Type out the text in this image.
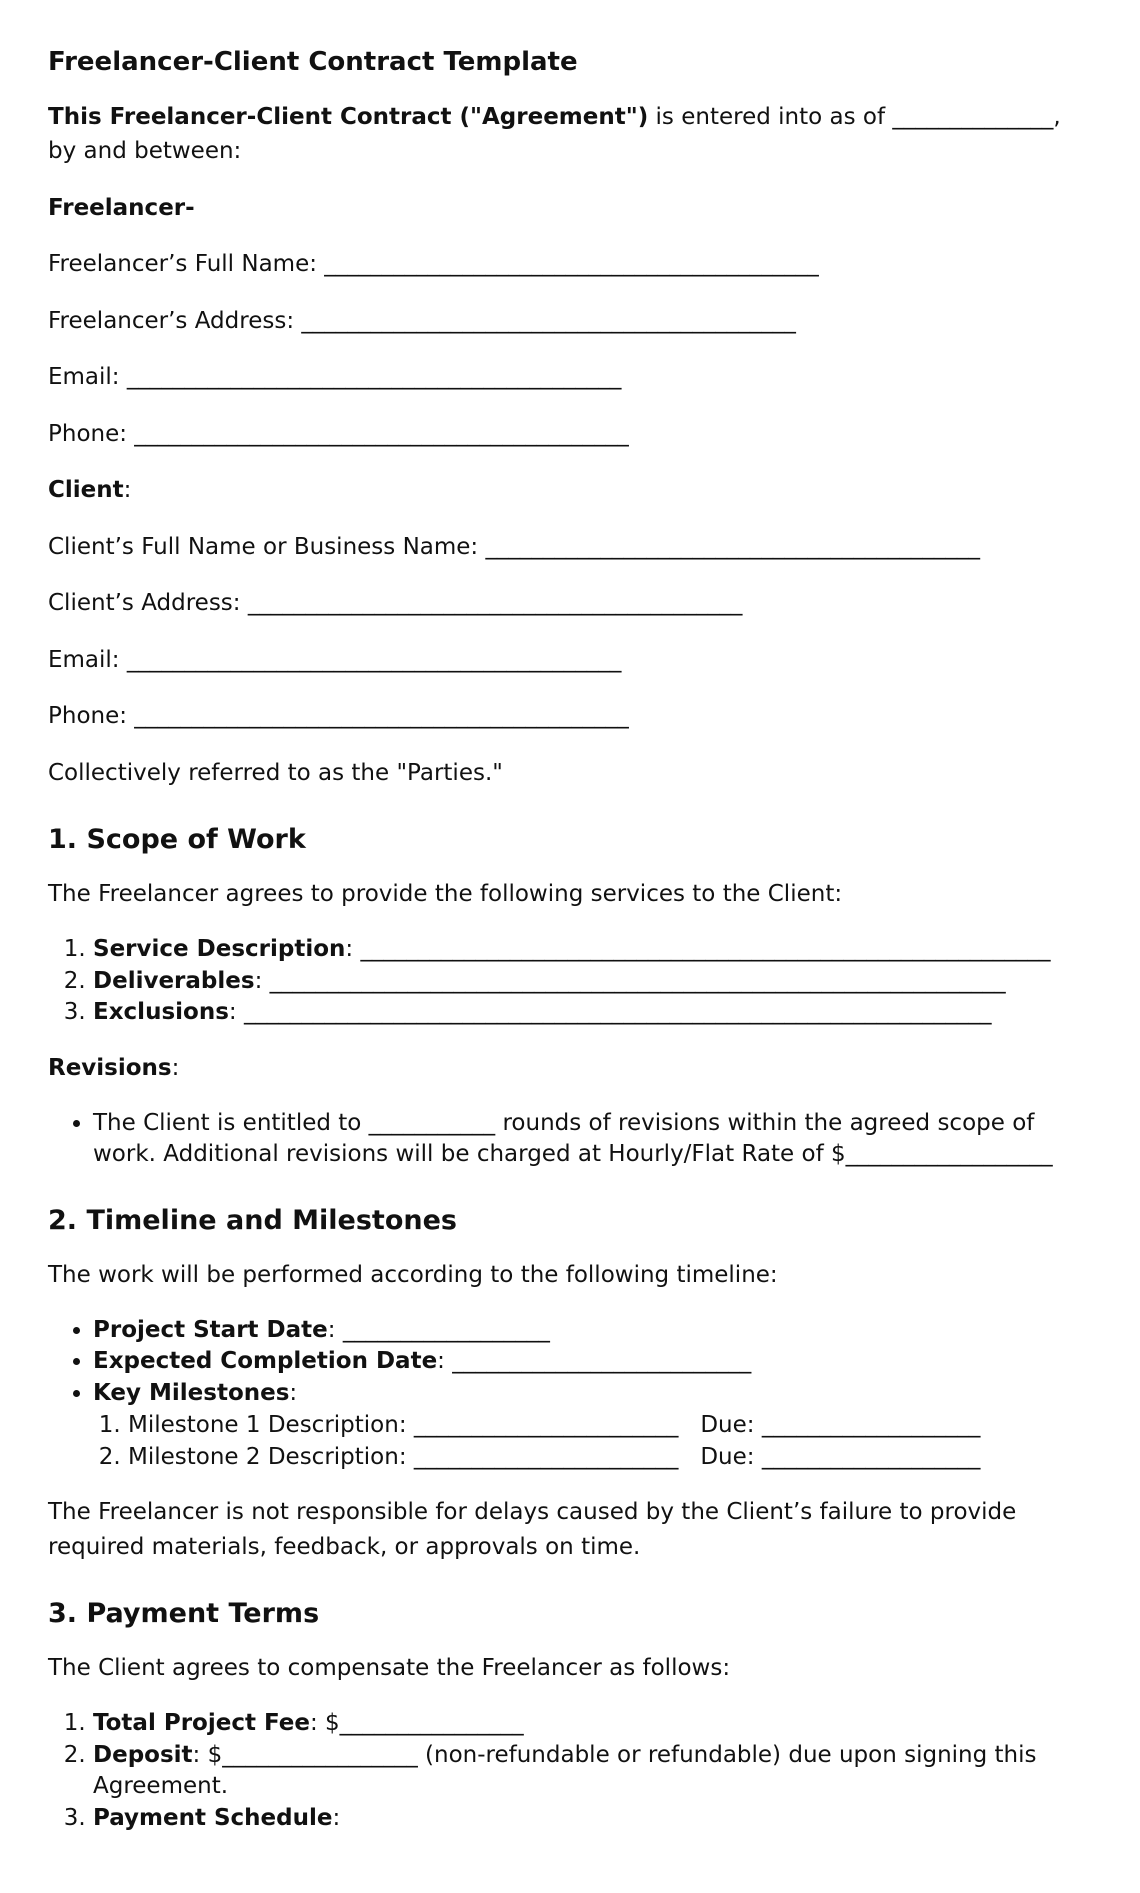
Freelancer-Client Contract Template

This Freelancer-Client Contract ("Agreement") is entered into as of ______________, by and between:

Freelancer-

Freelancer’s Full Name: ___________________________________________
Freelancer’s Address: ___________________________________________
Email: ___________________________________________
Phone: ___________________________________________

Client:

Client’s Full Name or Business Name: ___________________________________________
Client’s Address: ___________________________________________
Email: ___________________________________________
Phone: ___________________________________________

Collectively referred to as the "Parties."

1. Scope of Work

The Freelancer agrees to provide the following services to the Client:

1. Service Description: ____________________________________________________________
2. Deliverables: ________________________________________________________________
3. Exclusions: _________________________________________________________________

Revisions:

• The Client is entitled to ___________ rounds of revisions within the agreed scope of work. Additional revisions will be charged at Hourly/Flat Rate of $__________________
2. Timeline and Milestones

The work will be performed according to the following timeline:

• Project Start Date: __________________
• Expected Completion Date: __________________________
• Key Milestones:
1. Milestone 1 Description: _______________________   Due: ___________________
2. Milestone 2 Description: _______________________   Due: ___________________

The Freelancer is not responsible for delays caused by the Client’s failure to provide required materials, feedback, or approvals on time.

3. Payment Terms

The Client agrees to compensate the Freelancer as follows:

1. Total Project Fee: $________________
2. Deposit: $_________________ (non-refundable or refundable) due upon signing this Agreement.
3. Payment Schedule:
